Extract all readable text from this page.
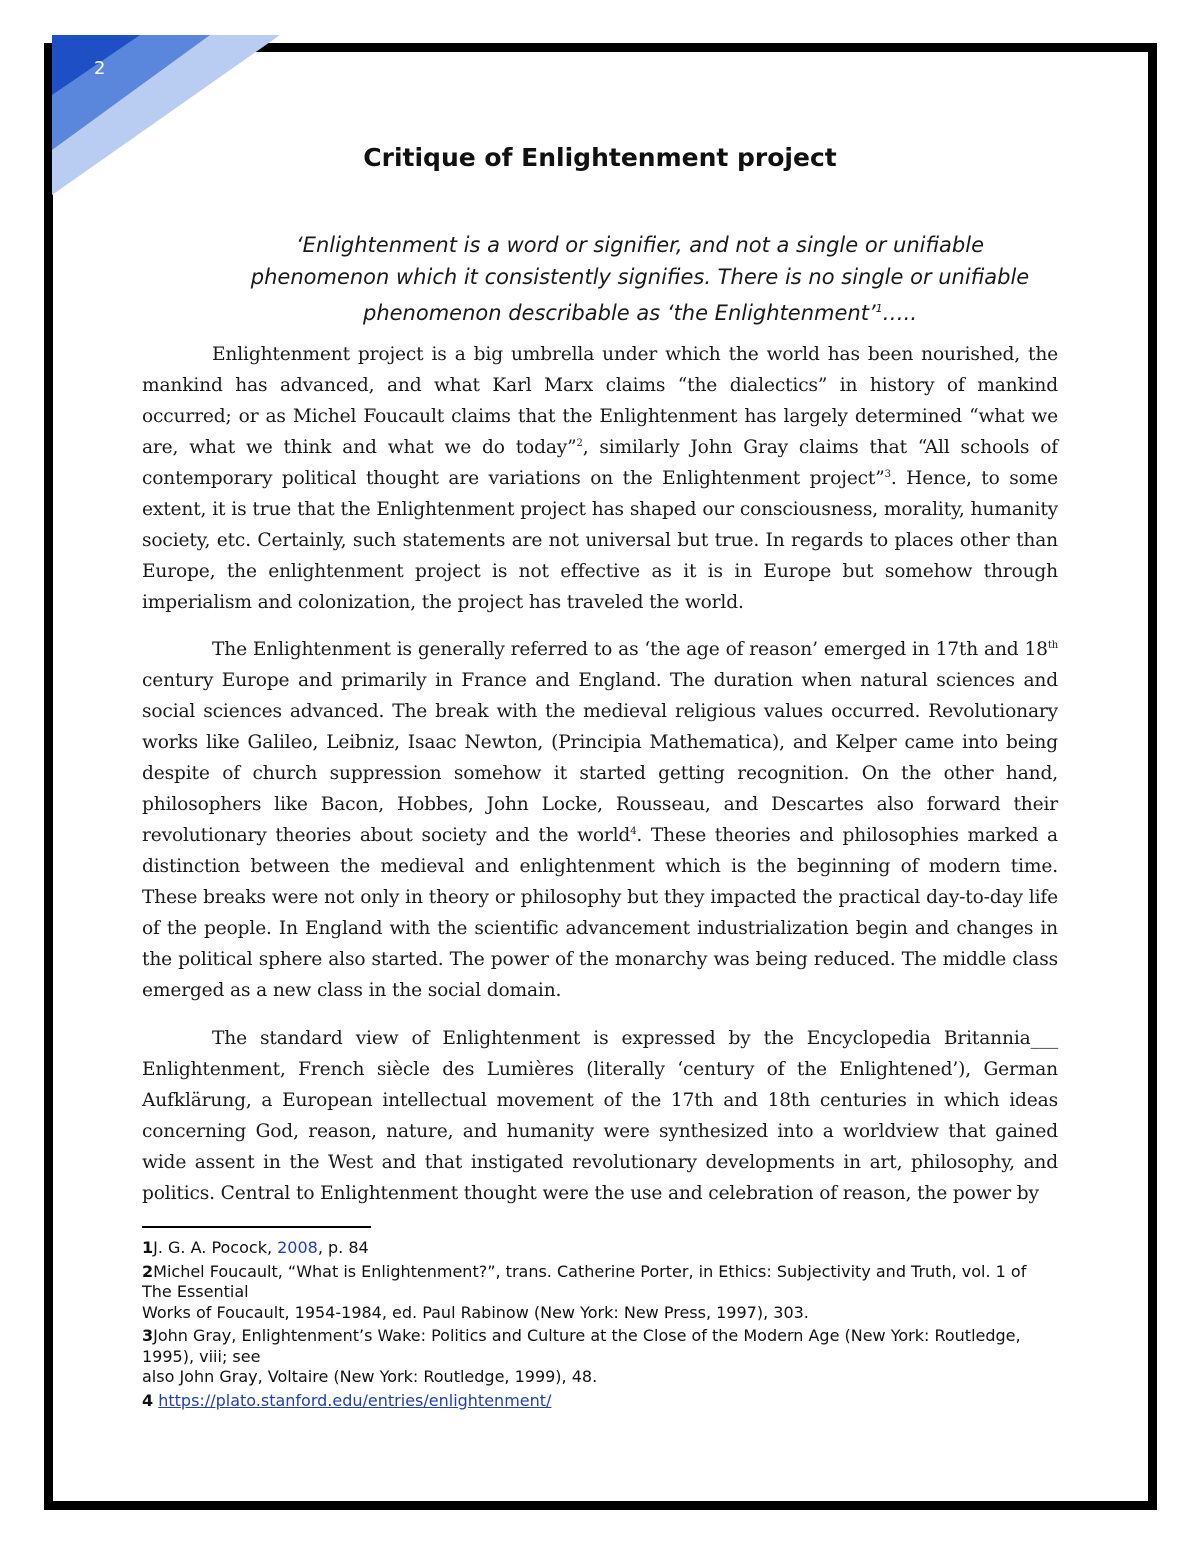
2
Critique of Enlightenment project

‘Enlightenment is a word or signifier, and not a single or unifiable phenomenon which it consistently signifies. There is no single or unifiable phenomenon describable as ‘the Enlightenment’$^1$…..

Enlightenment project is a big umbrella under which the world has been nourished, the mankind has advanced, and what Karl Marx claims “the dialectics” in history of mankind occurred; or as Michel Foucault claims that the Enlightenment has largely determined “what we are, what we think and what we do today”$^2$, similarly John Gray claims that “All schools of contemporary political thought are variations on the Enlightenment project”$^3$. Hence, to some extent, it is true that the Enlightenment project has shaped our consciousness, morality, humanity society, etc. Certainly, such statements are not universal but true. In regards to places other than Europe, the enlightenment project is not effective as it is in Europe but somehow through imperialism and colonization, the project has traveled the world.

The Enlightenment is generally referred to as ‘the age of reason’ emerged in 17th and 18th century Europe and primarily in France and England. The duration when natural sciences and social sciences advanced. The break with the medieval religious values occurred. Revolutionary works like Galileo, Leibniz, Isaac Newton, (Principia Mathematica), and Kelper came into being despite of church suppression somehow it started getting recognition. On the other hand, philosophers like Bacon, Hobbes, John Locke, Rousseau, and Descartes also forward their revolutionary theories about society and the world$^4$. These theories and philosophies marked a distinction between the medieval and enlightenment which is the beginning of modern time. These breaks were not only in theory or philosophy but they impacted the practical day-to-day life of the people. In England with the scientific advancement industrialization begin and changes in the political sphere also started. The power of the monarchy was being reduced. The middle class emerged as a new class in the social domain.

The standard view of Enlightenment is expressed by the Encyclopedia Britannia___ Enlightenment, French siècle des Lumières (literally ‘century of the Enlightened’), German Aufklärung, a European intellectual movement of the 17th and 18th centuries in which ideas concerning God, reason, nature, and humanity were synthesized into a worldview that gained wide assent in the West and that instigated revolutionary developments in art, philosophy, and politics. Central to Enlightenment thought were the use and celebration of reason, the power by

1J. G. A. Pocock, 2008, p. 84

2Michel Foucault, “What is Enlightenment?”, trans. Catherine Porter, in Ethics: Subjectivity and Truth, vol. 1 of The Essential
Works of Foucault, 1954-1984, ed. Paul Rabinow (New York: New Press, 1997), 303.

3John Gray, Enlightenment’s Wake: Politics and Culture at the Close of the Modern Age (New York: Routledge, 1995), viii; see
also John Gray, Voltaire (New York: Routledge, 1999), 48.

4 https://plato.stanford.edu/entries/enlightenment/
